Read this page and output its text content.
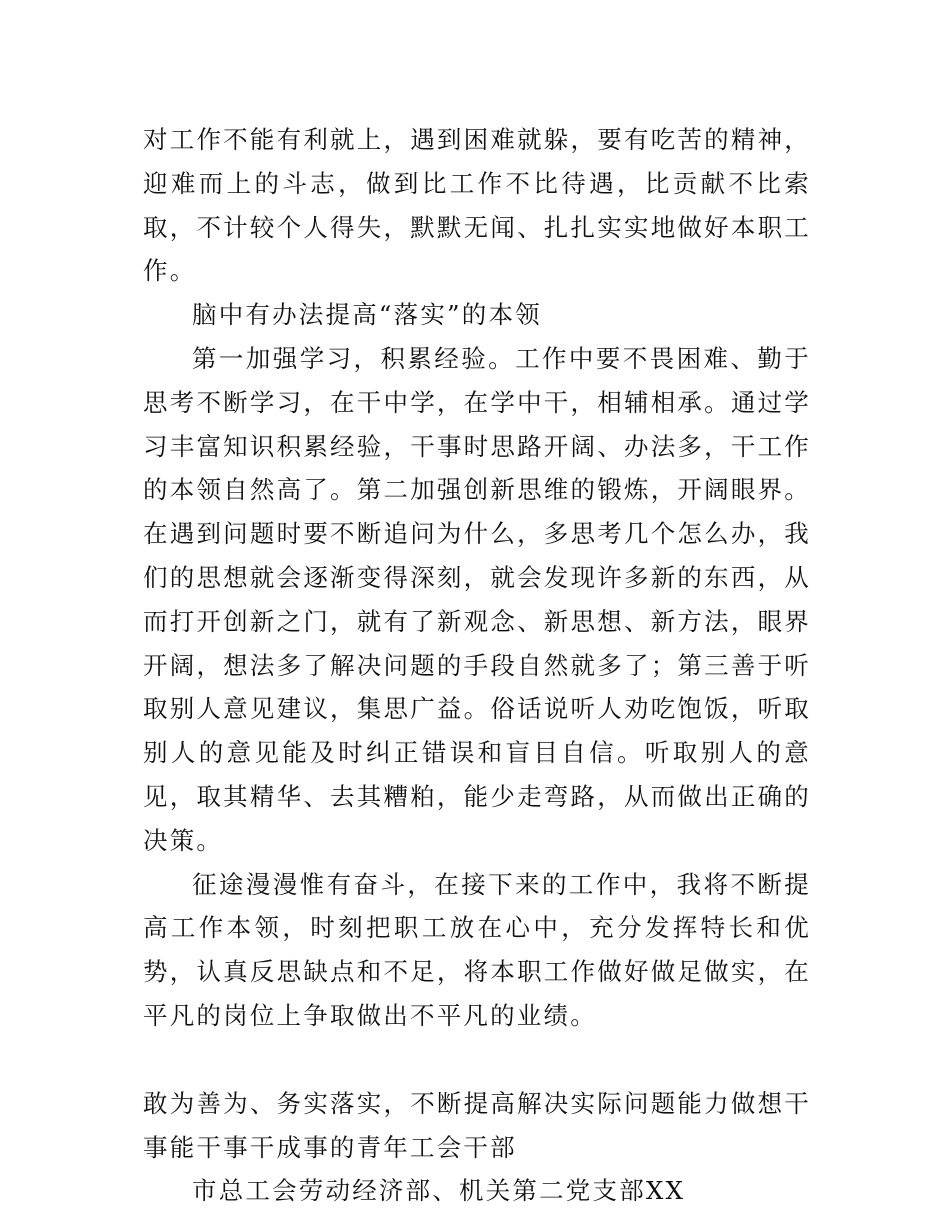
对工作不能有利就上，遇到困难就躲，要有吃苦的精神，迎难而上的斗志，做到比工作不比待遇，比贡献不比索取，不计较个人得失，默默无闻、扎扎实实地做好本职工作。

脑中有办法提高“落实”的本领

第一加强学习，积累经验。工作中要不畏困难、勤于思考不断学习，在干中学，在学中干，相辅相承。通过学习丰富知识积累经验，干事时思路开阔、办法多，干工作的本领自然高了。第二加强创新思维的锻炼，开阔眼界。在遇到问题时要不断追问为什么，多思考几个怎么办，我们的思想就会逐渐变得深刻，就会发现许多新的东西，从而打开创新之门，就有了新观念、新思想、新方法，眼界开阔，想法多了解决问题的手段自然就多了；第三善于听取别人意见建议，集思广益。俗话说听人劝吃饱饭，听取别人的意见能及时纠正错误和盲目自信。听取别人的意见，取其精华、去其糟粕，能少走弯路，从而做出正确的决策。

征途漫漫惟有奋斗，在接下来的工作中，我将不断提高工作本领，时刻把职工放在心中，充分发挥特长和优势，认真反思缺点和不足，将本职工作做好做足做实，在平凡的岗位上争取做出不平凡的业绩。

敢为善为、务实落实，不断提高解决实际问题能力做想干事能干事干成事的青年工会干部

市总工会劳动经济部、机关第二党支部XX
